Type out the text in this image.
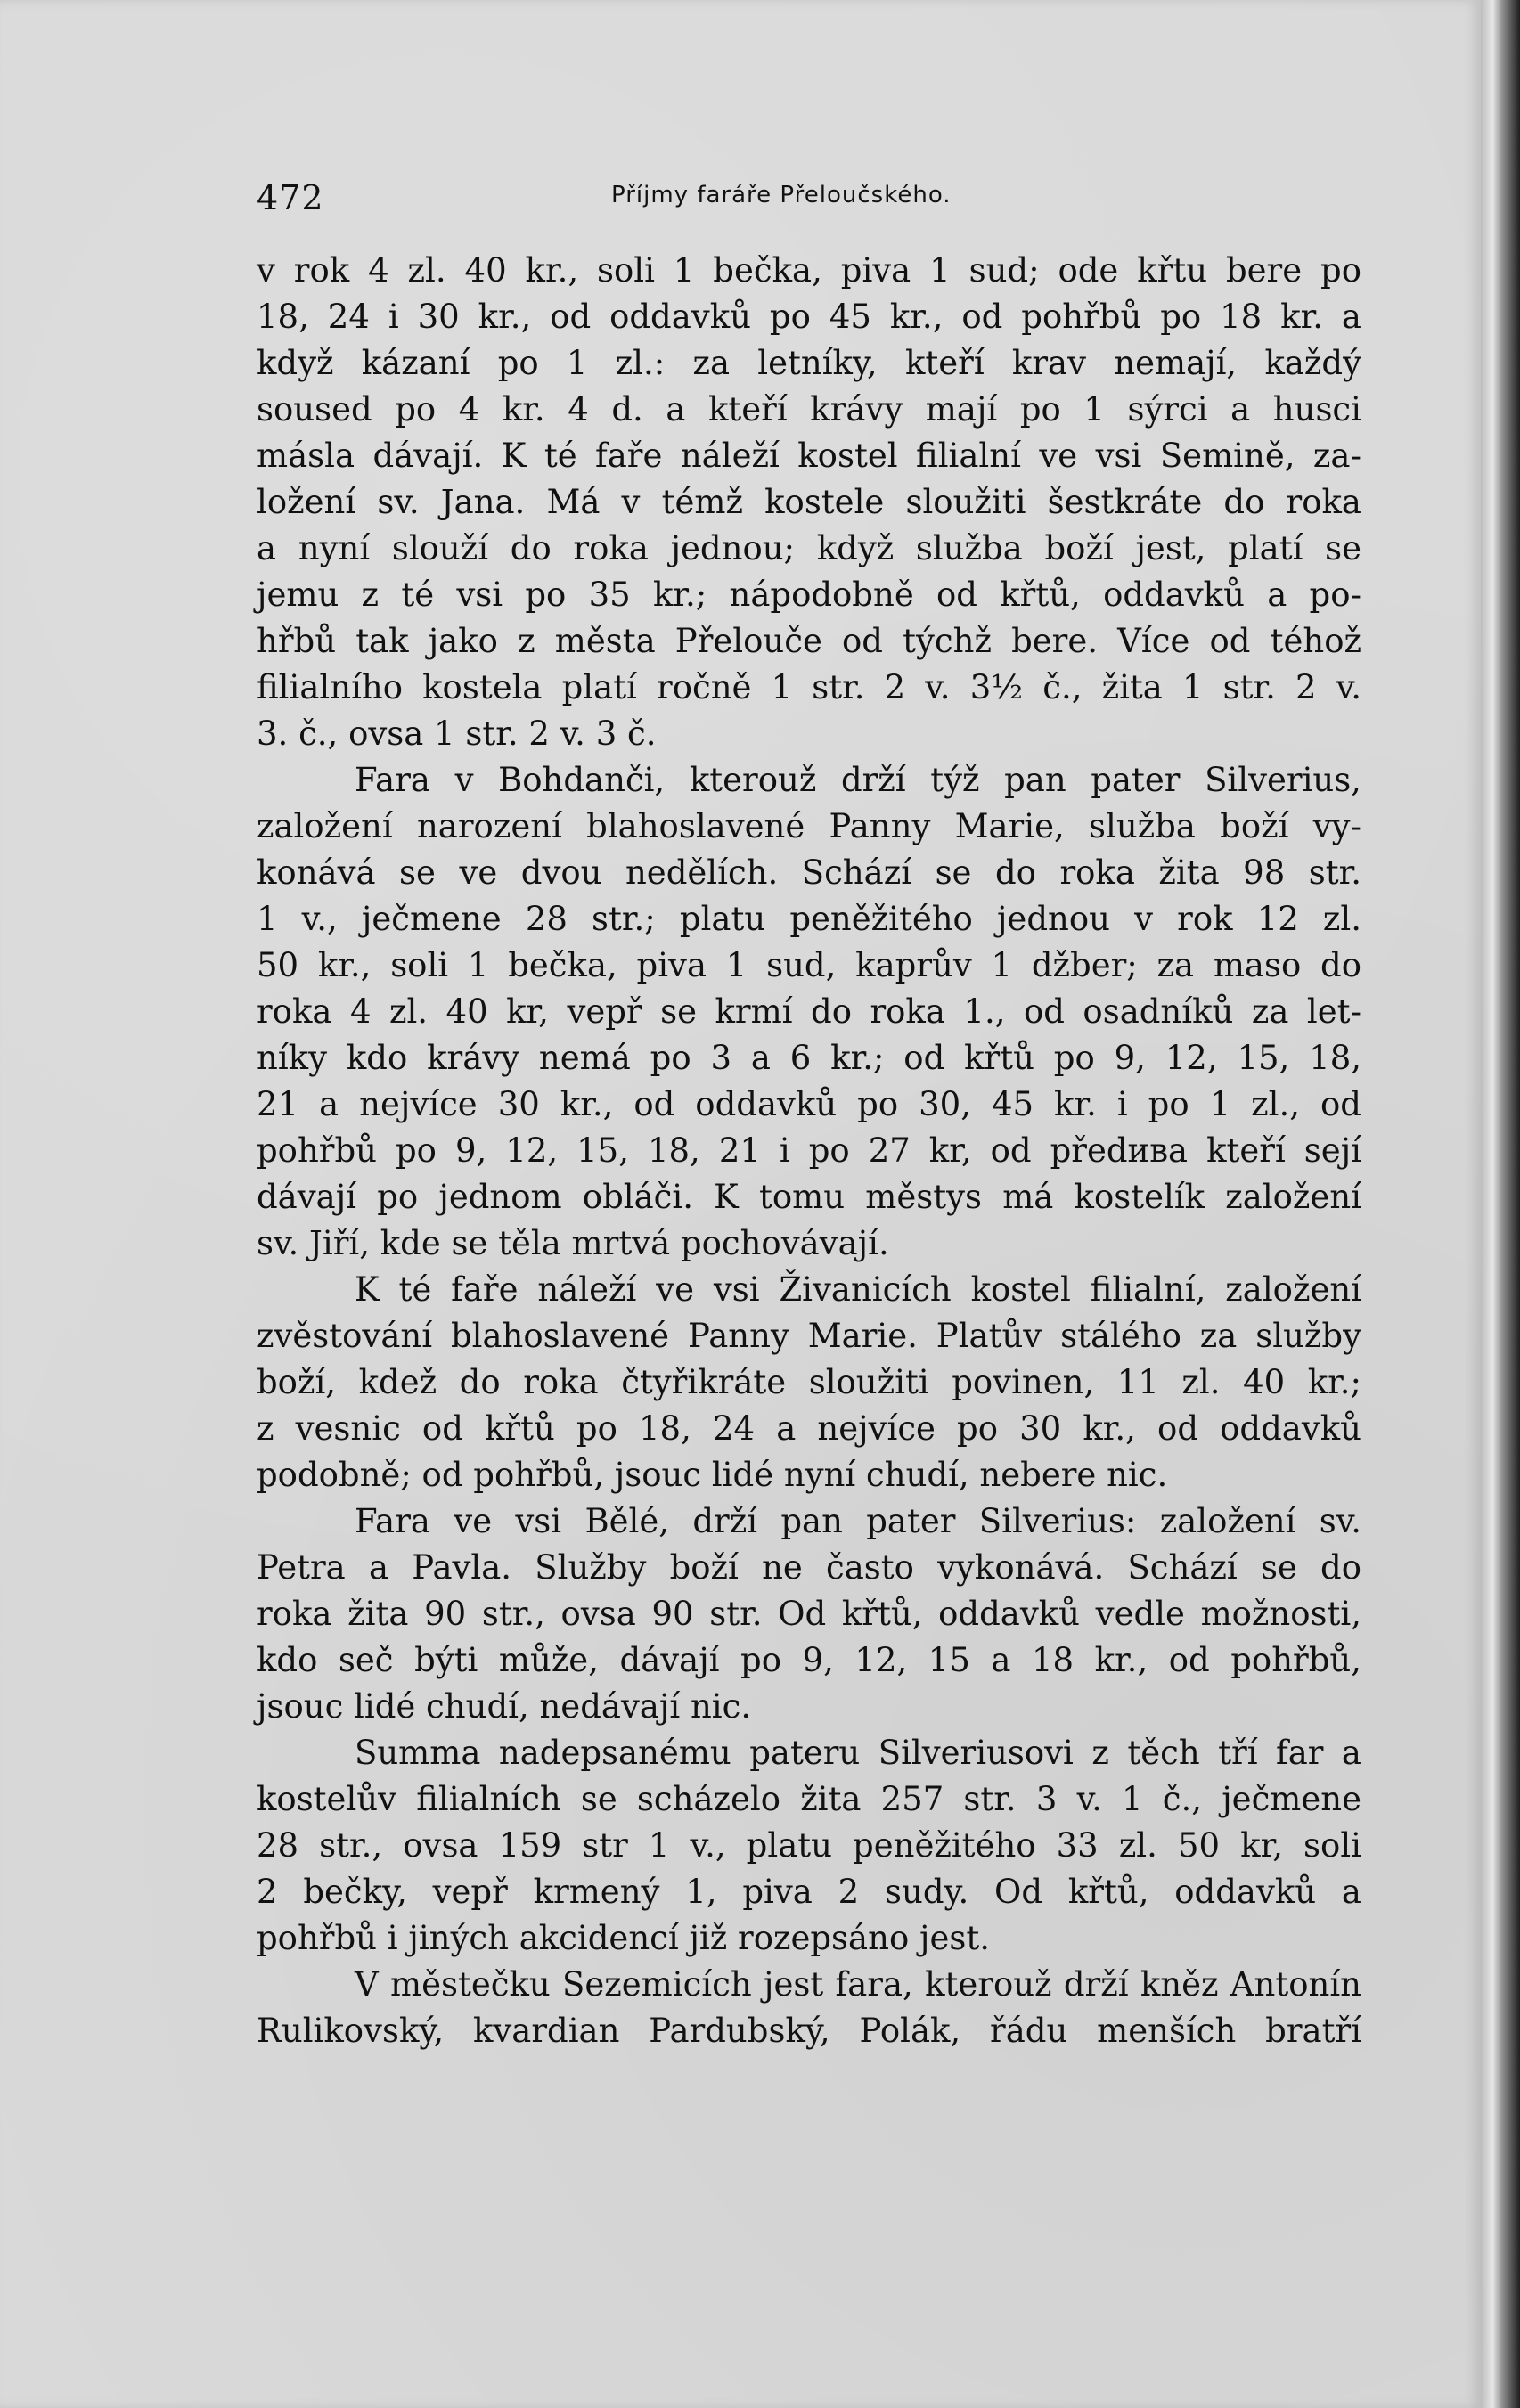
472	Příjmy faráře Přeloučského.
v rok 4 zl. 40 kr., soli 1 bečka, piva 1 sud; ode křtu bere po
18, 24 i 30 kr., od oddavků po 45 kr., od pohřbů po 18 kr. a
když kázaní po 1 zl.: za letníky, kteří krav nemají, každý
soused po 4 kr. 4 d. a kteří krávy mají po 1 sýrci a husci
másla dávají. K té faře náleží kostel filialní ve vsi Semině, za-
ložení sv. Jana. Má v témž kostele sloužiti šestkráte do roka
a nyní slouží do roka jednou; když služba boží jest, platí se
jemu z té vsi po 35 kr.; nápodobně od křtů, oddavků a po-
hřbů tak jako z města Přelouče od týchž bere. Více od téhož
filialního kostela platí ročně 1 str. 2 v. 3½ č., žita 1 str. 2 v.
3. č., ovsa 1 str. 2 v. 3 č.
Fara v Bohdanči, kterouž drží týž pan pater Silverius,
založení narození blahoslavené Panny Marie, služba boží vy-
konává se ve dvou nedělích. Schází se do roka žita 98 str.
1 v., ječmene 28 str.; platu peněžitého jednou v rok 12 zl.
50 kr., soli 1 bečka, piva 1 sud, kaprův 1 džber; za maso do
roka 4 zl. 40 kr, vepř se krmí do roka 1., od osadníků za let-
níky kdo krávy nemá po 3 a 6 kr.; od křtů po 9, 12, 15, 18,
21 a nejvíce 30 kr., od oddavků po 30, 45 kr. i po 1 zl., od
pohřbů po 9, 12, 15, 18, 21 i po 27 kr, od předива kteří sejí
dávají po jednom obláči. K tomu městys má kostelík založení
sv. Jiří, kde se těla mrtvá pochovávají.
K té faře náleží ve vsi Živanicích kostel filialní, založení
zvěstování blahoslavené Panny Marie. Platův stálého za služby
boží, kdež do roka čtyřikráte sloužiti povinen, 11 zl. 40 kr.;
z vesnic od křtů po 18, 24 a nejvíce po 30 kr., od oddavků
podobně; od pohřbů, jsouc lidé nyní chudí, nebere nic.
Fara ve vsi Bělé, drží pan pater Silverius: založení sv.
Petra a Pavla. Služby boží ne často vykonává. Schází se do
roka žita 90 str., ovsa 90 str. Od křtů, oddavků vedle možnosti,
kdo seč býti může, dávají po 9, 12, 15 a 18 kr., od pohřbů,
jsouc lidé chudí, nedávají nic.
Summa nadepsanému pateru Silveriusovi z těch tří far a
kostelův filialních se scházelo žita 257 str. 3 v. 1 č., ječmene
28 str., ovsa 159 str 1 v., platu peněžitého 33 zl. 50 kr, soli
2 bečky, vepř krmený 1, piva 2 sudy. Od křtů, oddavků a
pohřbů i jiných akcidencí již rozepsáno jest.
V městečku Sezemicích jest fara, kterouž drží kněz Antonín
Rulikovský, kvardian Pardubský, Polák, řádu menších bratří
